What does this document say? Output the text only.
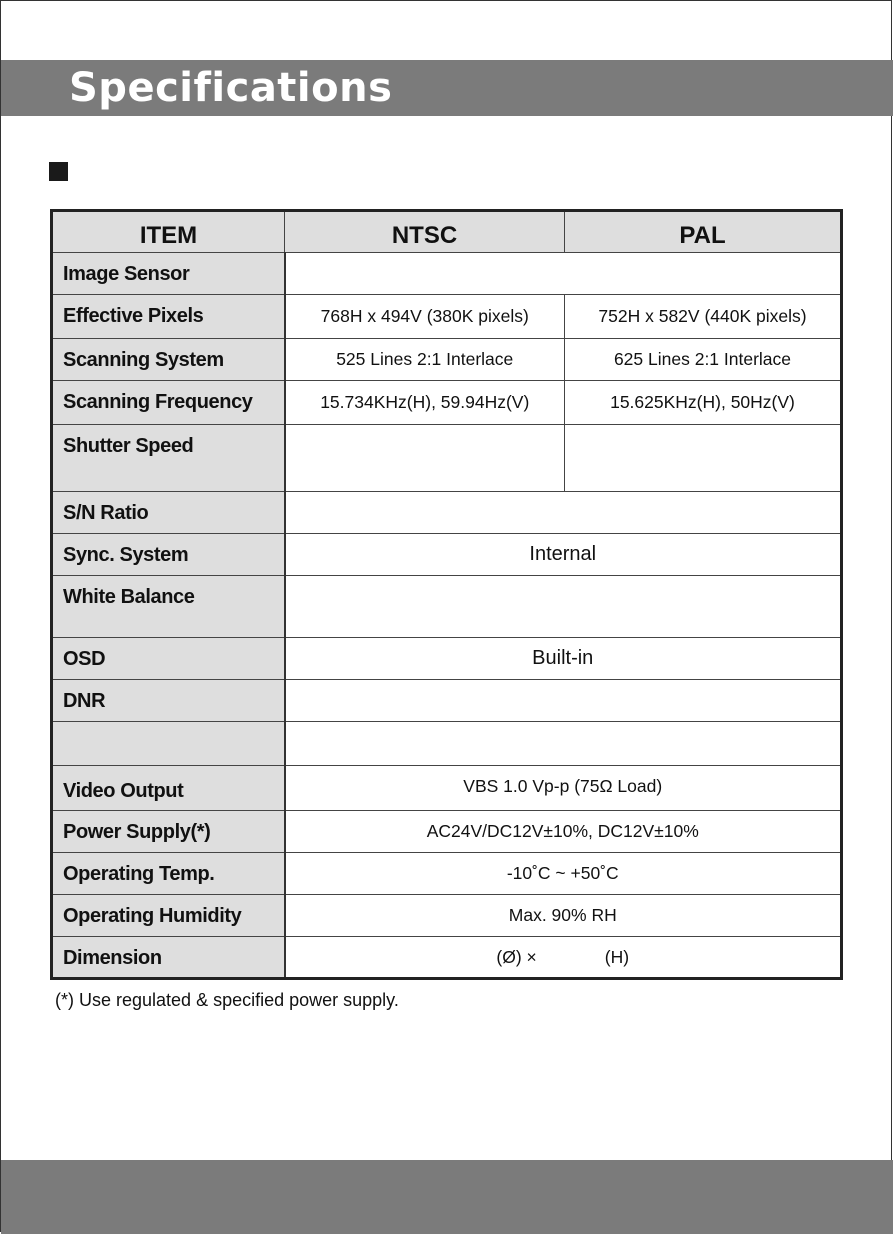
Specifications
ITEM	NTSC	PAL
Image Sensor		
Effective Pixels	768H x 494V (380K pixels)	752H x 582V (440K pixels)
Scanning System	525 Lines 2:1 Interlace	625 Lines 2:1 Interlace
Scanning Frequency	15.734KHz(H), 59.94Hz(V)	15.625KHz(H), 50Hz(V)
Shutter Speed		
S/N Ratio		
Sync. System	Internal	
White Balance		
OSD	Built-in	
DNR		

Video Output	VBS 1.0 Vp-p (75Ω Load)	
Power Supply(*)	AC24V/DC12V±10%, DC12V±10%	
Operating Temp.	-10˚C ~ +50˚C	
Operating Humidity	Max. 90% RH	
Dimension	(Ø) ×              (H)	
(*) Use regulated & specified power supply.
